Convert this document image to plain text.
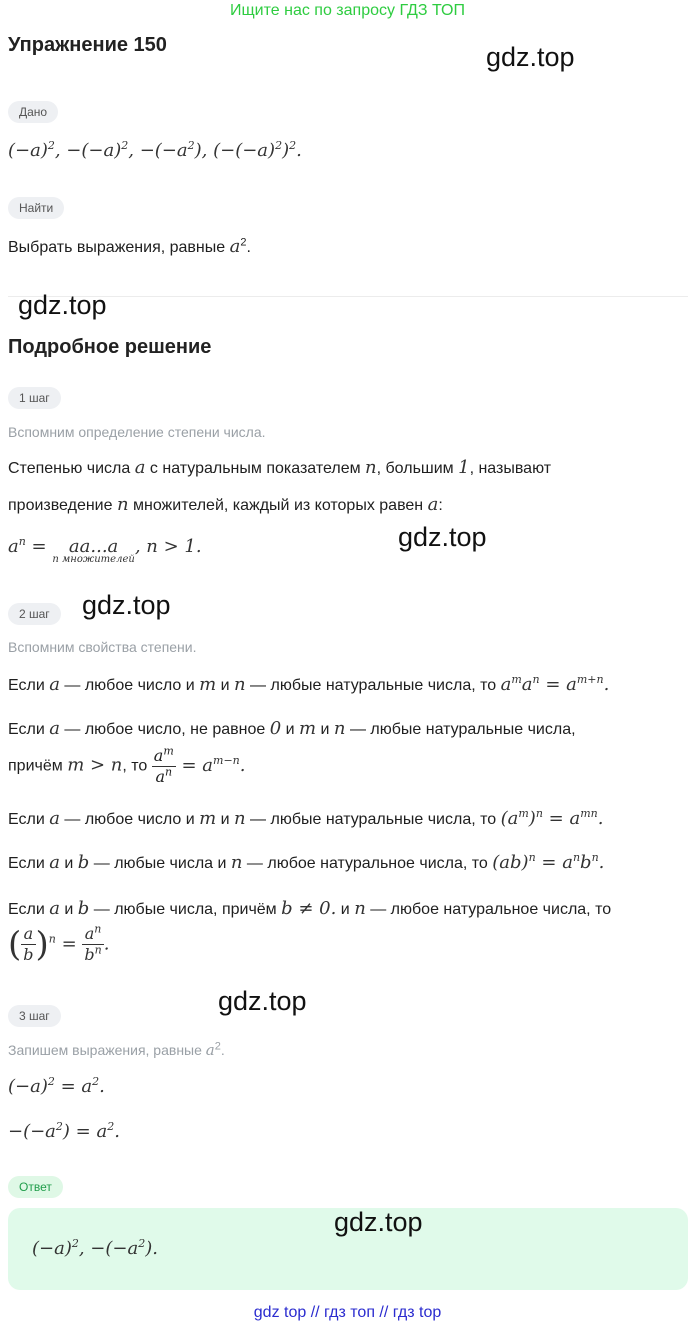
Ищите нас по запросу ГДЗ ТОП
Упражнение 150	gdz.top
Дано
$(-a)^2$, $-(-a)^2$, $-(-a^2)$, $(-(-a)^2)^2$.
Найти
Выбрать выражения, равные $a^2$.
gdz.top
Подробное решение
1 шаг
Вспомним определение степени числа.
Степенью числа a с натуральным показателем n, большим 1, называют
произведение n множителей, каждый из которых равен a:
$a^n = aa...a$
n множителей
, n > 1.	gdz.top
2 шаг	gdz.top
Вспомним свойства степени.
Если a — любое число и m и n — любые натуральные числа, то $a^ma^n = a^{m+n}$.
Если a — любое число, не равное 0 и m и n — любые натуральные числа,
причём m > n, то $\frac{a^m}{a^n} = a^{m-n}$.
Если a — любое число и m и n — любые натуральные числа, то $(a^m)^n = a^{mn}$.
Если a и b — любые числа и n — любое натуральное числа, то $(ab)^n = a^nb^n$.
Если a и b — любые числа, причём b ≠ 0. и n — любое натуральное числа, то
( $\frac{a}{b} )^n = \frac{a^n}{b^n}$ .
gdz.top
3 шаг
Запишем выражения, равные $a^2$.
$(-a)^2 = a^2$.
$-(-a^2) = a^2$.
Ответ
gdz.top
$(-a)^2$, $-(-a^2)$.
gdz top // гдз топ // гдз top
